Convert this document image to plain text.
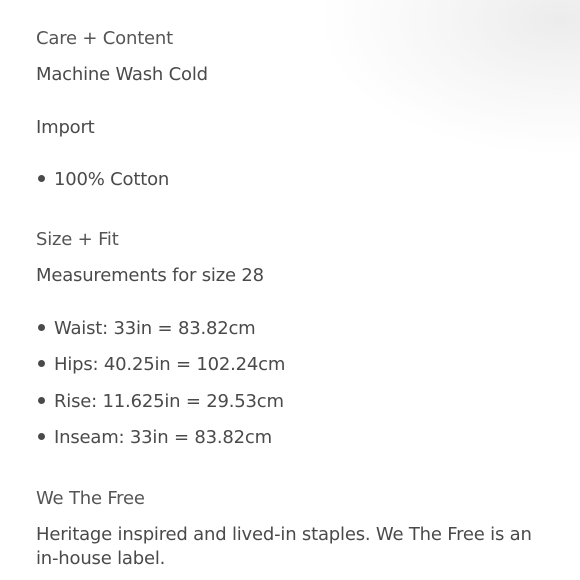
Care + Content

Machine Wash Cold

Import

100% Cotton

Size + Fit

Measurements for size 28

Waist: 33in = 83.82cm

Hips: 40.25in = 102.24cm

Rise: 11.625in = 29.53cm

Inseam: 33in = 83.82cm

We The Free

Heritage inspired and lived-in staples. We The Free is an in-house label.
